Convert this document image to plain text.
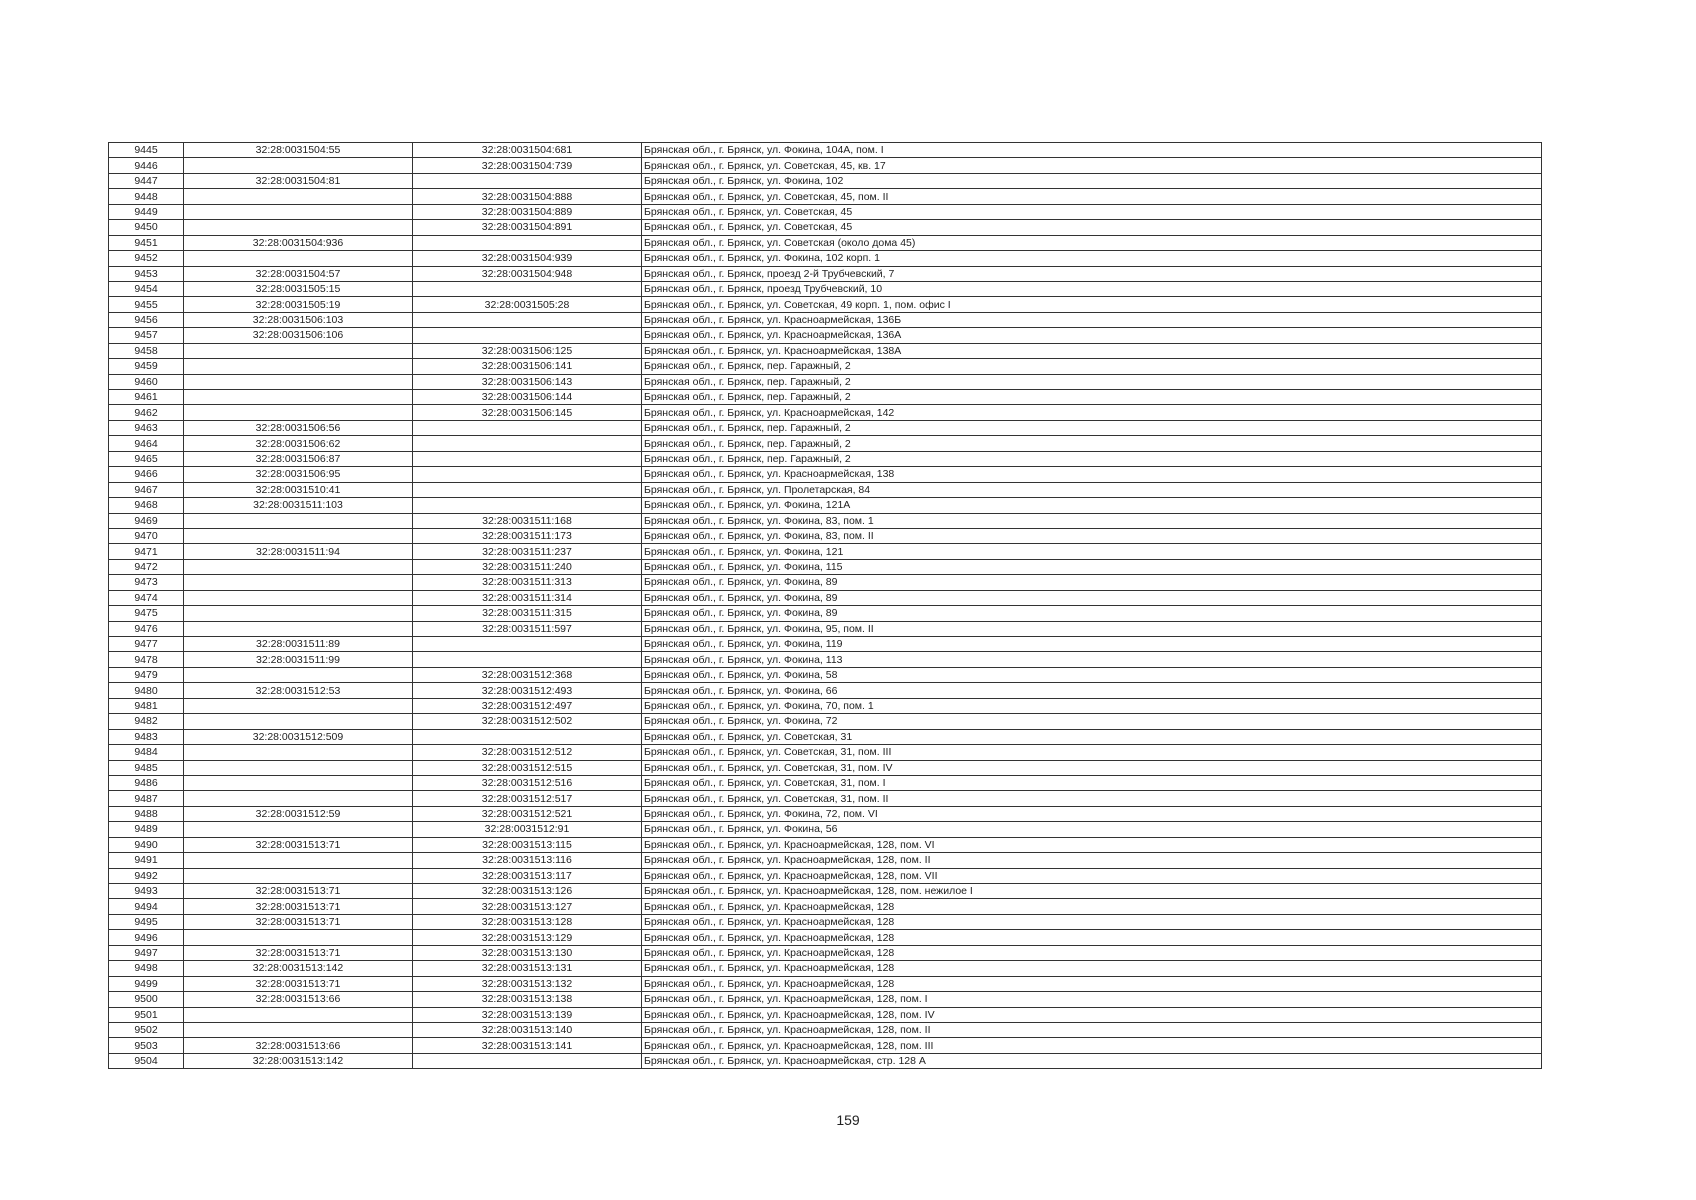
9445	32:28:0031504:55	32:28:0031504:681	Брянская обл., г. Брянск, ул. Фокина, 104А, пом. I
9446		32:28:0031504:739	Брянская обл., г. Брянск, ул. Советская, 45, кв. 17
9447	32:28:0031504:81		Брянская обл., г. Брянск, ул. Фокина, 102
9448		32:28:0031504:888	Брянская обл., г. Брянск, ул. Советская, 45, пом. II
9449		32:28:0031504:889	Брянская обл., г. Брянск, ул. Советская, 45
9450		32:28:0031504:891	Брянская обл., г. Брянск, ул. Советская, 45
9451	32:28:0031504:936		Брянская обл., г. Брянск, ул. Советская (около дома 45)
9452		32:28:0031504:939	Брянская обл., г. Брянск, ул. Фокина, 102 корп. 1
9453	32:28:0031504:57	32:28:0031504:948	Брянская обл., г. Брянск, проезд 2-й Трубчевский, 7
9454	32:28:0031505:15		Брянская обл., г. Брянск, проезд Трубчевский, 10
9455	32:28:0031505:19	32:28:0031505:28	Брянская обл., г. Брянск, ул. Советская, 49 корп. 1, пом. офис I
9456	32:28:0031506:103		Брянская обл., г. Брянск, ул. Красноармейская, 136Б
9457	32:28:0031506:106		Брянская обл., г. Брянск, ул. Красноармейская, 136А
9458		32:28:0031506:125	Брянская обл., г. Брянск, ул. Красноармейская, 138А
9459		32:28:0031506:141	Брянская обл., г. Брянск, пер. Гаражный, 2
9460		32:28:0031506:143	Брянская обл., г. Брянск, пер. Гаражный, 2
9461		32:28:0031506:144	Брянская обл., г. Брянск, пер. Гаражный, 2
9462		32:28:0031506:145	Брянская обл., г. Брянск, ул. Красноармейская, 142
9463	32:28:0031506:56		Брянская обл., г. Брянск, пер. Гаражный, 2
9464	32:28:0031506:62		Брянская обл., г. Брянск, пер. Гаражный, 2
9465	32:28:0031506:87		Брянская обл., г. Брянск, пер. Гаражный, 2
9466	32:28:0031506:95		Брянская обл., г. Брянск, ул. Красноармейская, 138
9467	32:28:0031510:41		Брянская обл., г. Брянск, ул. Пролетарская, 84
9468	32:28:0031511:103		Брянская обл., г. Брянск, ул. Фокина, 121А
9469		32:28:0031511:168	Брянская обл., г. Брянск, ул. Фокина, 83, пом. 1
9470		32:28:0031511:173	Брянская обл., г. Брянск, ул. Фокина, 83, пом. II
9471	32:28:0031511:94	32:28:0031511:237	Брянская обл., г. Брянск, ул. Фокина, 121
9472		32:28:0031511:240	Брянская обл., г. Брянск, ул. Фокина, 115
9473		32:28:0031511:313	Брянская обл., г. Брянск, ул. Фокина, 89
9474		32:28:0031511:314	Брянская обл., г. Брянск, ул. Фокина, 89
9475		32:28:0031511:315	Брянская обл., г. Брянск, ул. Фокина, 89
9476		32:28:0031511:597	Брянская обл., г. Брянск, ул. Фокина, 95, пом. II
9477	32:28:0031511:89		Брянская обл., г. Брянск, ул. Фокина, 119
9478	32:28:0031511:99		Брянская обл., г. Брянск, ул. Фокина, 113
9479		32:28:0031512:368	Брянская обл., г. Брянск, ул. Фокина, 58
9480	32:28:0031512:53	32:28:0031512:493	Брянская обл., г. Брянск, ул. Фокина, 66
9481		32:28:0031512:497	Брянская обл., г. Брянск, ул. Фокина, 70, пом. 1
9482		32:28:0031512:502	Брянская обл., г. Брянск, ул. Фокина, 72
9483	32:28:0031512:509		Брянская обл., г. Брянск, ул. Советская, 31
9484		32:28:0031512:512	Брянская обл., г. Брянск, ул. Советская, 31, пом. III
9485		32:28:0031512:515	Брянская обл., г. Брянск, ул. Советская, 31, пом. IV
9486		32:28:0031512:516	Брянская обл., г. Брянск, ул. Советская, 31, пом. I
9487		32:28:0031512:517	Брянская обл., г. Брянск, ул. Советская, 31, пом. II
9488	32:28:0031512:59	32:28:0031512:521	Брянская обл., г. Брянск, ул. Фокина, 72, пом. VI
9489		32:28:0031512:91	Брянская обл., г. Брянск, ул. Фокина, 56
9490	32:28:0031513:71	32:28:0031513:115	Брянская обл., г. Брянск, ул. Красноармейская, 128, пом. VI
9491		32:28:0031513:116	Брянская обл., г. Брянск, ул. Красноармейская, 128, пом. II
9492		32:28:0031513:117	Брянская обл., г. Брянск, ул. Красноармейская, 128, пом. VII
9493	32:28:0031513:71	32:28:0031513:126	Брянская обл., г. Брянск, ул. Красноармейская, 128, пом. нежилое I
9494	32:28:0031513:71	32:28:0031513:127	Брянская обл., г. Брянск, ул. Красноармейская, 128
9495	32:28:0031513:71	32:28:0031513:128	Брянская обл., г. Брянск, ул. Красноармейская, 128
9496		32:28:0031513:129	Брянская обл., г. Брянск, ул. Красноармейская, 128
9497	32:28:0031513:71	32:28:0031513:130	Брянская обл., г. Брянск, ул. Красноармейская, 128
9498	32:28:0031513:142	32:28:0031513:131	Брянская обл., г. Брянск, ул. Красноармейская, 128
9499	32:28:0031513:71	32:28:0031513:132	Брянская обл., г. Брянск, ул. Красноармейская, 128
9500	32:28:0031513:66	32:28:0031513:138	Брянская обл., г. Брянск, ул. Красноармейская, 128, пом. I
9501		32:28:0031513:139	Брянская обл., г. Брянск, ул. Красноармейская, 128, пом. IV
9502		32:28:0031513:140	Брянская обл., г. Брянск, ул. Красноармейская, 128, пом. II
9503	32:28:0031513:66	32:28:0031513:141	Брянская обл., г. Брянск, ул. Красноармейская, 128, пом. III
9504	32:28:0031513:142		Брянская обл., г. Брянск, ул. Красноармейская, стр. 128 А
159
